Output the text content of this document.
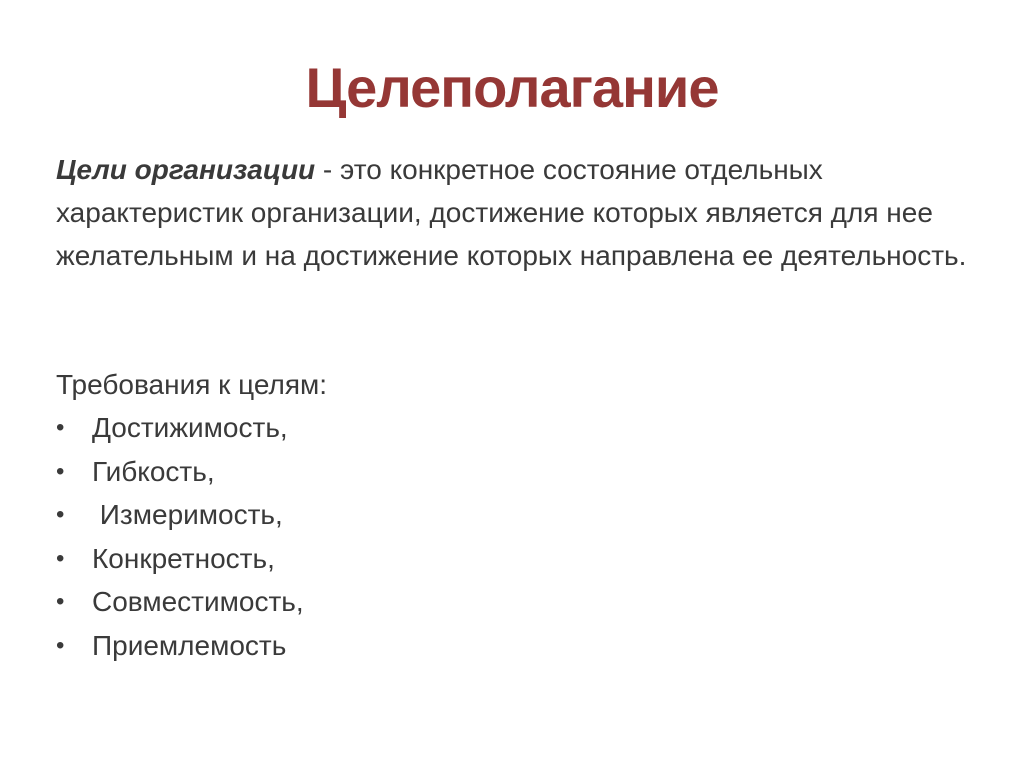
Целеполагание
Цели организации - это конкретное состояние отдельных характеристик организации, достижение которых является для нее желательным и на достижение которых направлена ее деятельность.
Требования к целям:
• Достижимость,
• Гибкость,
• Измеримость,
• Конкретность,
• Совместимость,
• Приемлемость
